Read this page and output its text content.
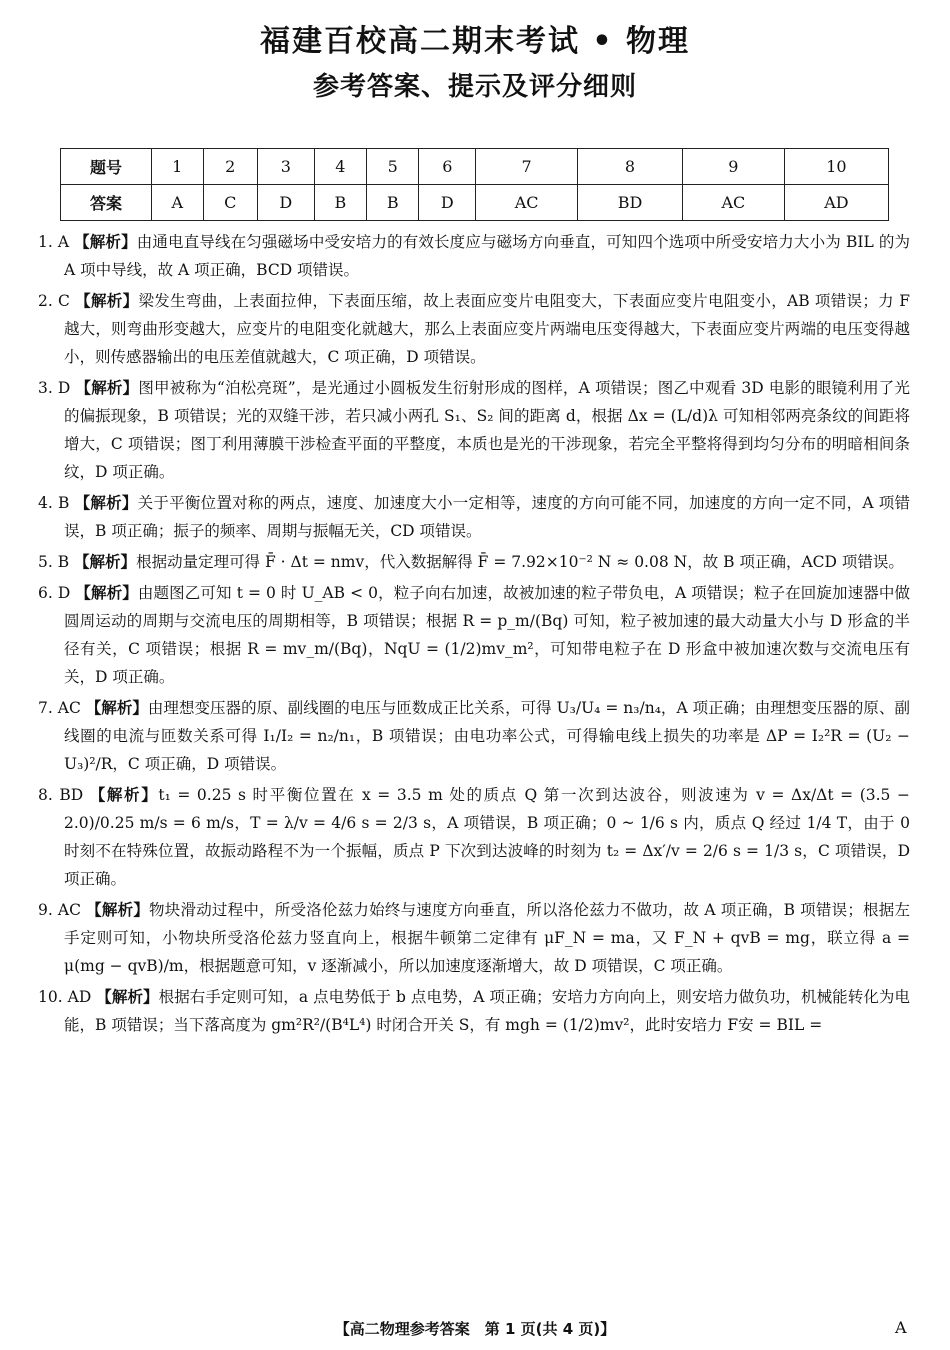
福建百校高二期末考试 • 物理
参考答案、提示及评分细则
题号	1	2	3	4	5	6	7	8	9	10
答案	A	C	D	B	B	D	AC	BD	AC	AD

1. A 【解析】由通电直导线在匀强磁场中受安培力的有效长度应与磁场方向垂直，可知四个选项中所受安培力大小为 BIL 的为 A 项中导线，故 A 项正确，BCD 项错误。

2. C 【解析】梁发生弯曲，上表面拉伸，下表面压缩，故上表面应变片电阻变大，下表面应变片电阻变小，AB 项错误；力 F 越大，则弯曲形变越大，应变片的电阻变化就越大，那么上表面应变片两端电压变得越大，下表面应变片两端的电压变得越小，则传感器输出的电压差值就越大，C 项正确，D 项错误。

3. D 【解析】图甲被称为“泊松亮斑”，是光通过小圆板发生衍射形成的图样，A 项错误；图乙中观看 3D 电影的眼镜利用了光的偏振现象，B 项错误；光的双缝干涉，若只减小两孔 S₁、S₂ 间的距离 d，根据 Δx = (L/d)λ 可知相邻两亮条纹的间距将增大，C 项错误；图丁利用薄膜干涉检查平面的平整度，本质也是光的干涉现象，若完全平整将得到均匀分布的明暗相间条纹，D 项正确。

4. B 【解析】关于平衡位置对称的两点，速度、加速度大小一定相等，速度的方向可能不同，加速度的方向一定不同，A 项错误，B 项正确；振子的频率、周期与振幅无关，CD 项错误。

5. B 【解析】根据动量定理可得 F̄ · Δt = nmv，代入数据解得 F̄ = 7.92×10⁻² N ≈ 0.08 N，故 B 项正确，ACD 项错误。

6. D 【解析】由题图乙可知 t = 0 时 U_AB < 0，粒子向右加速，故被加速的粒子带负电，A 项错误；粒子在回旋加速器中做圆周运动的周期与交流电压的周期相等，B 项错误；根据 R = p_m/(Bq) 可知，粒子被加速的最大动量大小与 D 形盒的半径有关，C 项错误；根据 R = mv_m/(Bq)，NqU = (1/2)mv_m²，可知带电粒子在 D 形盒中被加速次数与交流电压有关，D 项正确。

7. AC 【解析】由理想变压器的原、副线圈的电压与匝数成正比关系，可得 U₃/U₄ = n₃/n₄，A 项正确；由理想变压器的原、副线圈的电流与匝数关系可得 I₁/I₂ = n₂/n₁，B 项错误；由电功率公式，可得输电线上损失的功率是 ΔP = I₂²R = (U₂ − U₃)²/R，C 项正确，D 项错误。

8. BD 【解析】t₁ = 0.25 s 时平衡位置在 x = 3.5 m 处的质点 Q 第一次到达波谷，则波速为 v = Δx/Δt = (3.5 − 2.0)/0.25 m/s = 6 m/s，T = λ/v = 4/6 s = 2/3 s，A 项错误，B 项正确；0 ~ 1/6 s 内，质点 Q 经过 1/4 T，由于 0 时刻不在特殊位置，故振动路程不为一个振幅，质点 P 下次到达波峰的时刻为 t₂ = Δx′/v = 2/6 s = 1/3 s，C 项错误，D 项正确。

9. AC 【解析】物块滑动过程中，所受洛伦兹力始终与速度方向垂直，所以洛伦兹力不做功，故 A 项正确，B 项错误；根据左手定则可知，小物块所受洛伦兹力竖直向上，根据牛顿第二定律有 μF_N = ma，又 F_N + qvB = mg，联立得 a = μ(mg − qvB)/m，根据题意可知，v 逐渐减小，所以加速度逐渐增大，故 D 项错误，C 项正确。

10. AD 【解析】根据右手定则可知，a 点电势低于 b 点电势，A 项正确；安培力方向向上，则安培力做负功，机械能转化为电能，B 项错误；当下落高度为 gm²R²/(B⁴L⁴) 时闭合开关 S，有 mgh = (1/2)mv²，此时安培力 F安 = BIL =

【高二物理参考答案　第 1 页(共 4 页)】	A
